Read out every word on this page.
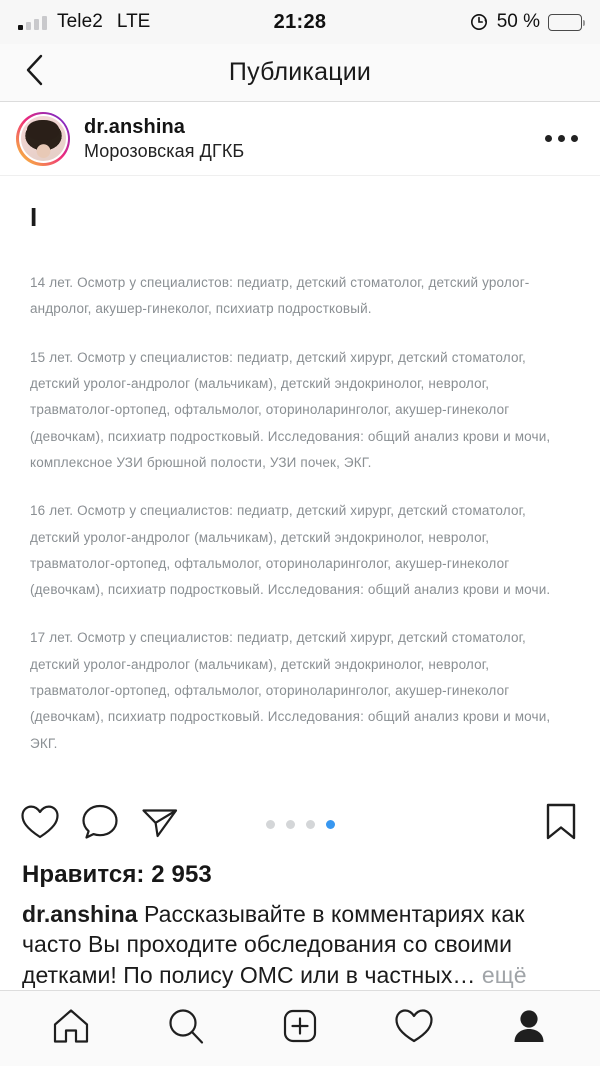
Tele2 LTE	21:28	50 %
Публикации
dr.anshina
Морозовская ДГКБ
I
14 лет. Осмотр у специалистов: педиатр, детский стоматолог, детский уролог-андролог, акушер-гинеколог, психиатр подростковый.
15 лет. Осмотр у специалистов: педиатр, детский хирург, детский стоматолог, детский уролог-андролог (мальчикам), детский эндокринолог, невролог, травматолог-ортопед, офтальмолог, оториноларинголог, акушер-гинеколог (девочкам), психиатр подростковый. Исследования: общий анализ крови и мочи, комплексное УЗИ брюшной полости, УЗИ почек, ЭКГ.
16 лет. Осмотр у специалистов: педиатр, детский хирург, детский стоматолог, детский уролог-андролог (мальчикам), детский эндокринолог, невролог, травматолог-ортопед, офтальмолог, оториноларинголог, акушер-гинеколог (девочкам), психиатр подростковый. Исследования: общий анализ крови и мочи.
17 лет. Осмотр у специалистов: педиатр, детский хирург, детский стоматолог, детский уролог-андролог (мальчикам), детский эндокринолог, невролог, травматолог-ортопед, офтальмолог, оториноларинголог, акушер-гинеколог (девочкам), психиатр подростковый. Исследования: общий анализ крови и мочи, ЭКГ.
Нравится: 2 953
dr.anshina Рассказывайте в комментариях как часто Вы проходите обследования со своими детками! По полису ОМС или в частных… ещё
